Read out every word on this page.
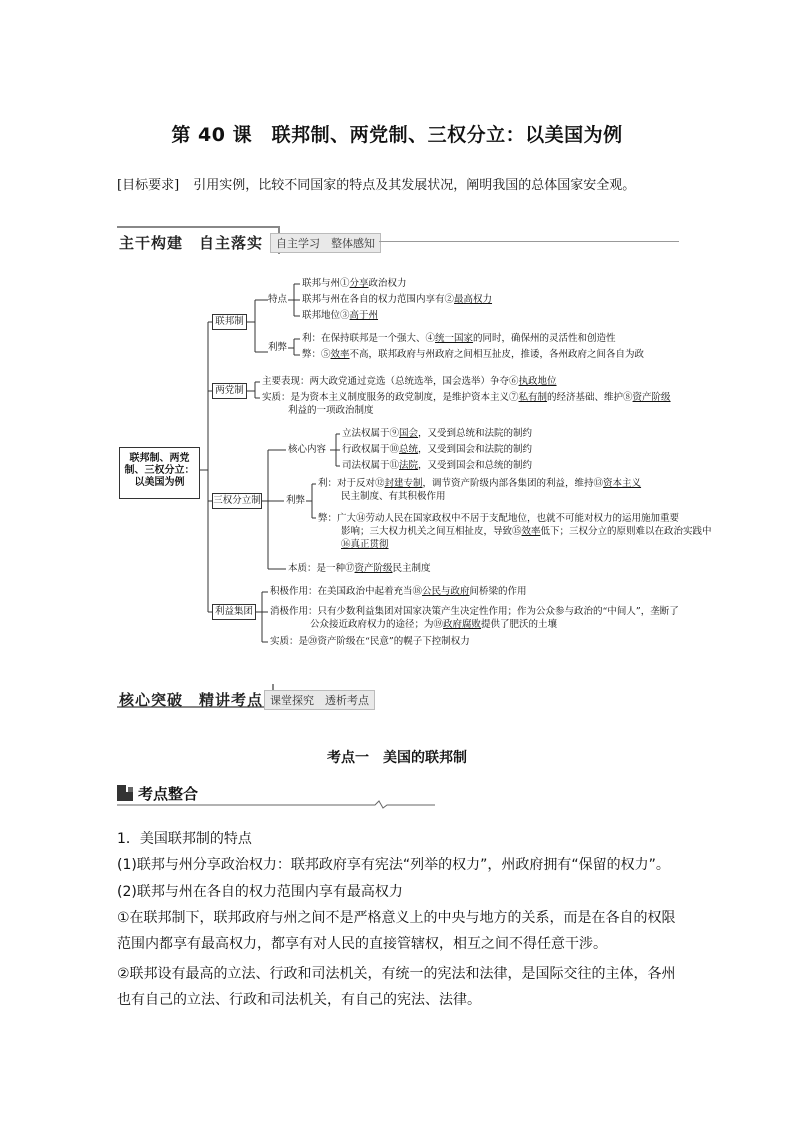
第 40 课　联邦制、两党制、三权分立：以美国为例
[目标要求] 引用实例，比较不同国家的特点及其发展状况，阐明我国的总体国家安全观。
主干构建　自主落实	自主学习　整体感知
联邦制、两党制、三权分立：以美国为例
联邦制
两党制
三权分立制
利益集团
特点
联邦与州①分享政治权力
联邦与州在各自的权力范围内享有②最高权力
联邦地位③高于州
利弊
利：在保持联邦是一个强大、④统一国家的同时，确保州的灵活性和创造性
弊：⑤效率不高，联邦政府与州政府之间相互扯皮，推诿，各州政府之间各自为政
主要表现：两大政党通过竞选（总统选举，国会选举）争夺⑥执政地位
实质：是为资本主义制度服务的政党制度，是维护资本主义⑦私有制的经济基础、维护⑧资产阶级
利益的一项政治制度
核心内容
立法权属于⑨国会，又受到总统和法院的制约
行政权属于⑩总统，又受到国会和法院的制约
司法权属于⑪法院，又受到国会和总统的制约
利弊
利：对于反对⑫封建专制，调节资产阶级内部各集团的利益，维持⑬资本主义
民主制度、有其积极作用
弊：广大⑭劳动人民在国家政权中不居于支配地位，也就不可能对权力的运用施加重要
影响；三大权力机关之间互相扯皮，导致⑮效率低下；三权分立的原则难以在政治实践中
⑯真正贯彻
本质：是一种⑰资产阶级民主制度
积极作用：在美国政治中起着充当⑱公民与政府间桥梁的作用
消极作用：只有少数利益集团对国家决策产生决定性作用；作为公众参与政治的“中间人”，垄断了
公众接近政府权力的途径；为⑲政府腐败提供了肥沃的土壤
实质：是⑳资产阶级在“民意”的幌子下控制权力
核心突破　精讲考点 课堂探究　透析考点
考点一　美国的联邦制
考点整合
1．美国联邦制的特点
(1)联邦与州分享政治权力：联邦政府享有宪法“列举的权力”，州政府拥有“保留的权力”。
(2)联邦与州在各自的权力范围内享有最高权力
①在联邦制下，联邦政府与州之间不是严格意义上的中央与地方的关系，而是在各自的权限范围内都享有最高权力，都享有对人民的直接管辖权，相互之间不得任意干涉。
②联邦设有最高的立法、行政和司法机关，有统一的宪法和法律，是国际交往的主体，各州也有自己的立法、行政和司法机关，有自己的宪法、法律。
